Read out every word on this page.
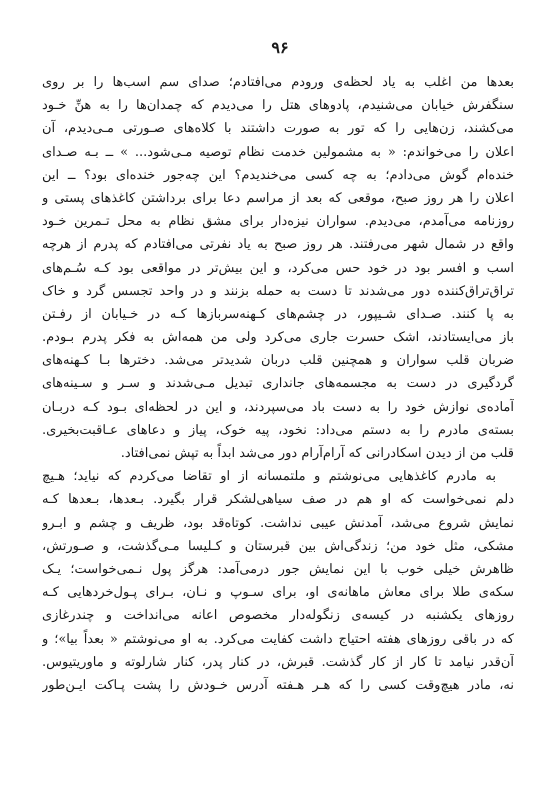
۹۶
بعدها من اغلب به یاد لحظه‌ی ورودم می‌افتادم؛ صدای سم اسب‌ها را بر روی
سنگفرش خیابان می‌شنیدم، پادوهای هتل را می‌دیدم که چمدان‌ها را به هنِّ خـود
می‌کشند، زن‌هایی را که تور به صورت داشتند با کلاه‌های صـورتی مـی‌دیدم، آن
اعلان را می‌خواندم: « به مشمولین خدمت نظام توصیه مـی‌شود... » ــ بـه صـدای
خنده‌ام گوش می‌دادم؛ به چه کسی می‌خندیدم؟ این چه‌جور خنده‌ای بود؟ ــ این
اعلان را هر روز صبح، موقعی که بعد از مراسم دعا برای برداشتن کاغذهای پستی و
روزنامه می‌آمدم، می‌دیدم. سواران نیزه‌دار برای مشق نظام به محل تـمرین خـود
واقع در شمال شهر می‌رفتند. هر روز صبح به یاد نفرتی می‌افتادم که پدرم از هرچه
اسب و افسر بود در خود حس می‌کرد، و این بیش‌تر در مواقعی بود کـه سُـم‌های
تراق‌تراق‌کننده دور می‌شدند تا دست به حمله بزنند و در واحد تجسس گرد و خاک
به پا کنند. صـدای شـیپور، در چشم‌های کـهنه‌سربازها کـه در خـیابان از رفـتن
باز می‌ایستادند، اشک حسرت جاری می‌کرد ولی من همه‌اش به فکر پدرم بـودم.
ضربان قلب سواران و همچنین قلب دربان شدیدتر می‌شد. دخترها بـا کـهنه‌های
گردگیری در دست به مجسمه‌های جانداری تبدیل مـی‌شدند و سـر و سـینه‌های
آماده‌ی نوازش خود را به دست باد می‌سپردند، و این در لحظه‌ای بـود کـه دربـان
بسته‌ی مادرم را به دستم می‌داد: نخود، پیه خوک، پیاز و دعاهای عـاقبت‌بخیری.
قلب من از دیدن اسکادرانی که آرام‌آرام دور می‌شد ابداً به تپش نمی‌افتاد.
به مادرم کاغذهایی می‌نوشتم و ملتمسانه از او تقاضا می‌کردم که نیاید؛ هـیچ
دلم نمی‌خواست که او هم در صف سیاهی‌لشکر قرار بگیرد. بـعدها، بـعدها کـه
نمایش شروع می‌شد، آمدنش عیبی نداشت. کوتاه‌قد بود، ظریف و چشم و ابـرو
مشکی، مثل خود من؛ زندگی‌اش بین قبرستان و کـلیسا مـی‌گذشت، و صـورتش،
ظاهرش خیلی خوب با این نمایش جور درمی‌آمد: هرگز پول نـمی‌خواست؛ یـک
سکه‌ی طلا برای معاش ماهانه‌ی او، برای سـوپ و نـان، بـرای پـول‌خردهایی کـه
روزهای یکشنبه در کیسه‌ی زنگوله‌دار مخصوص اعانه می‌انداخت و چندرغازی
که در باقی روزهای هفته احتیاج داشت کفایت می‌کرد. به او می‌نوشتم « بعداً بیا»؛ و
آن‌قدر نیامد تا کار از کار گذشت. قبرش، در کنار پدر، کنار شارلوته و ماوریتیوس.
نه، مادر هیچ‌وقت کسی را که هـر هـفته آدرس خـودش را پشت پـاکت ایـن‌طور
